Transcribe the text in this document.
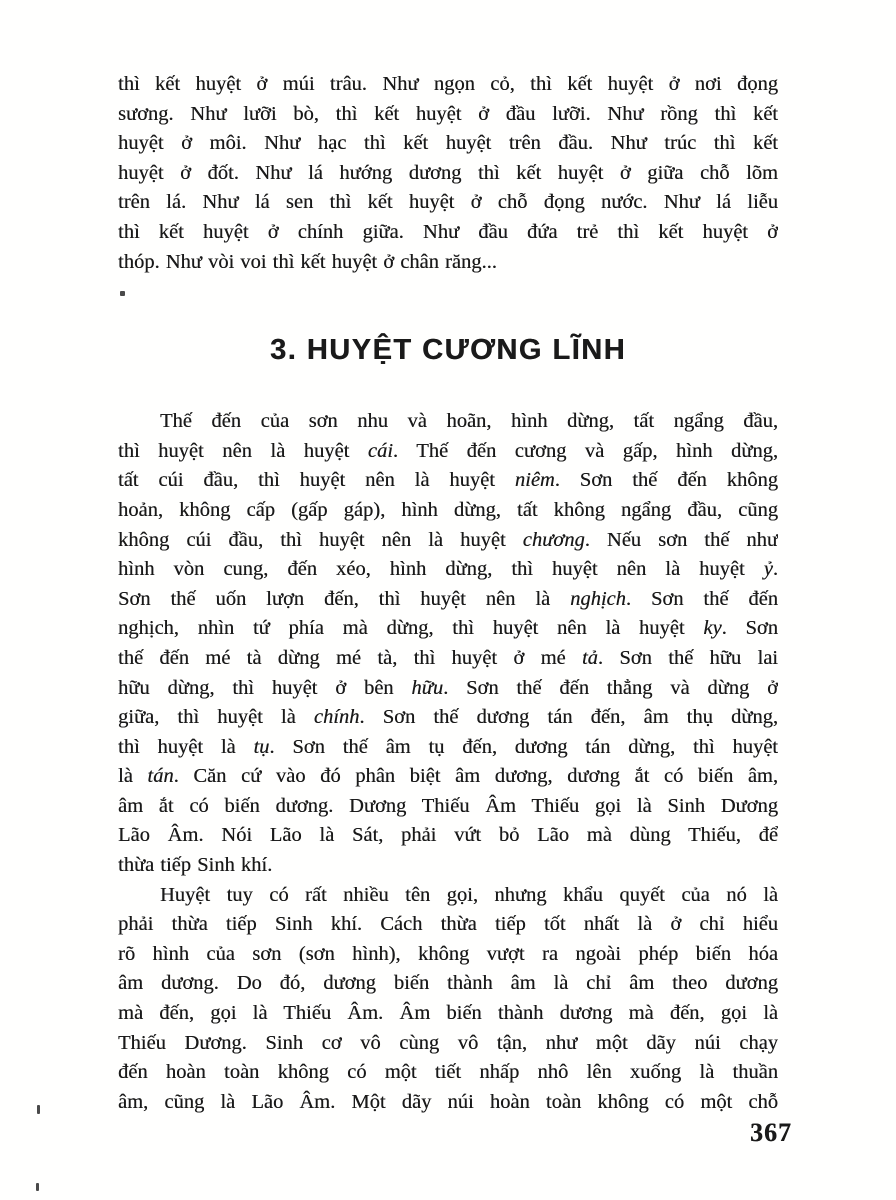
thì kết huyệt ở múi trâu. Như ngọn cỏ, thì kết huyệt ở nơi đọng
sương. Như lưỡi bò, thì kết huyệt ở đầu lưỡi. Như rồng thì kết
huyệt ở môi. Như hạc thì kết huyệt trên đầu. Như trúc thì kết
huyệt ở đốt. Như lá hướng dương thì kết huyệt ở giữa chỗ lõm
trên lá. Như lá sen thì kết huyệt ở chỗ đọng nước. Như lá liễu
thì kết huyệt ở chính giữa. Như đầu đứa trẻ thì kết huyệt ở
thóp. Như vòi voi thì kết huyệt ở chân răng...
3. HUYỆT CƯƠNG LĨNH
Thế đến của sơn nhu và hoãn, hình dừng, tất ngẩng đầu,
thì huyệt nên là huyệt cái. Thế đến cương và gấp, hình dừng,
tất cúi đầu, thì huyệt nên là huyệt niêm. Sơn thế đến không
hoản, không cấp (gấp gáp), hình dừng, tất không ngẩng đầu, cũng
không cúi đầu, thì huyệt nên là huyệt chương. Nếu sơn thế như
hình vòn cung, đến xéo, hình dừng, thì huyệt nên là huyệt ỷ.
Sơn thế uốn lượn đến, thì huyệt nên là nghịch. Sơn thế đến
nghịch, nhìn tứ phía mà dừng, thì huyệt nên là huyệt ky. Sơn
thế đến mé tà dừng mé tà, thì huyệt ở mé tả. Sơn thế hữu lai
hữu dừng, thì huyệt ở bên hữu. Sơn thế đến thẳng và dừng ở
giữa, thì huyệt là chính. Sơn thế dương tán đến, âm thụ dừng,
thì huyệt là tụ. Sơn thế âm tụ đến, dương tán dừng, thì huyệt
là tán. Căn cứ vào đó phân biệt âm dương, dương ắt có biến âm,
âm ắt có biến dương. Dương Thiếu Âm Thiếu gọi là Sinh Dương
Lão Âm. Nói Lão là Sát, phải vứt bỏ Lão mà dùng Thiếu, để
thừa tiếp Sinh khí.
Huyệt tuy có rất nhiều tên gọi, nhưng khẩu quyết của nó là
phải thừa tiếp Sinh khí. Cách thừa tiếp tốt nhất là ở chỉ hiểu
rõ hình của sơn (sơn hình), không vượt ra ngoài phép biến hóa
âm dương. Do đó, dương biến thành âm là chỉ âm theo dương
mà đến, gọi là Thiếu Âm. Âm biến thành dương mà đến, gọi là
Thiếu Dương. Sinh cơ vô cùng vô tận, như một dãy núi chạy
đến hoàn toàn không có một tiết nhấp nhô lên xuống là thuần
âm, cũng là Lão Âm. Một dãy núi hoàn toàn không có một chỗ
367
